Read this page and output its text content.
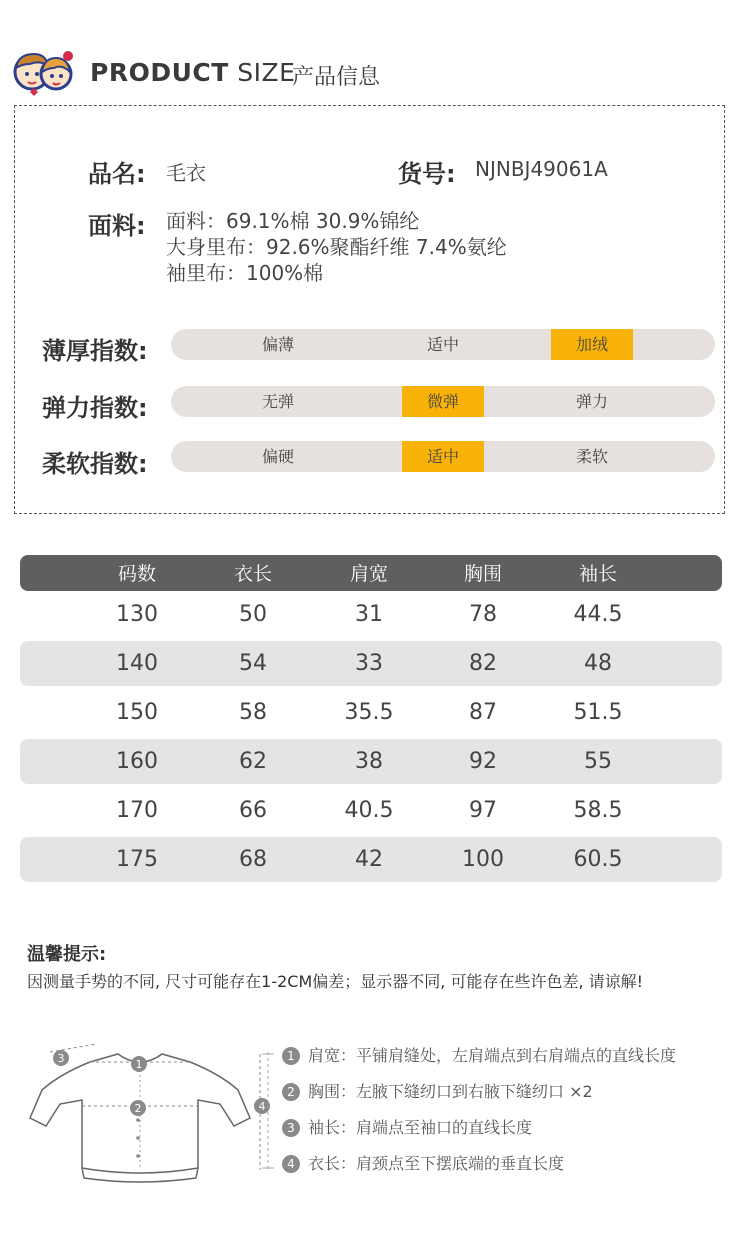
PRODUCT SIZE
产品信息
品名: 毛衣	货号: NJNBJ49061A
面料: 面料：69.1%棉 30.9%锦纶
大身里布：92.6%聚酯纤维 7.4%氨纶
袖里布：100%棉
薄厚指数:	偏薄	适中	加绒
弹力指数:	无弹	微弹	弹力
柔软指数:	偏硬	适中	柔软
码数	衣长	肩宽	胸围	袖长
130	50	31	78	44.5
140	54	33	82	48
150	58	35.5	87	51.5
160	62	38	92	55
170	66	40.5	97	58.5
175	68	42	100	60.5
温馨提示:
因测量手势的不同, 尺寸可能存在1-2CM偏差；显示器不同, 可能存在些许色差, 请谅解!
3	1
2	4
1 肩宽：平铺肩缝处，左肩端点到右肩端点的直线长度
2 胸围：左腋下缝纫口到右腋下缝纫口 ×2
3 袖长：肩端点至袖口的直线长度
4 衣长：肩颈点至下摆底端的垂直长度
